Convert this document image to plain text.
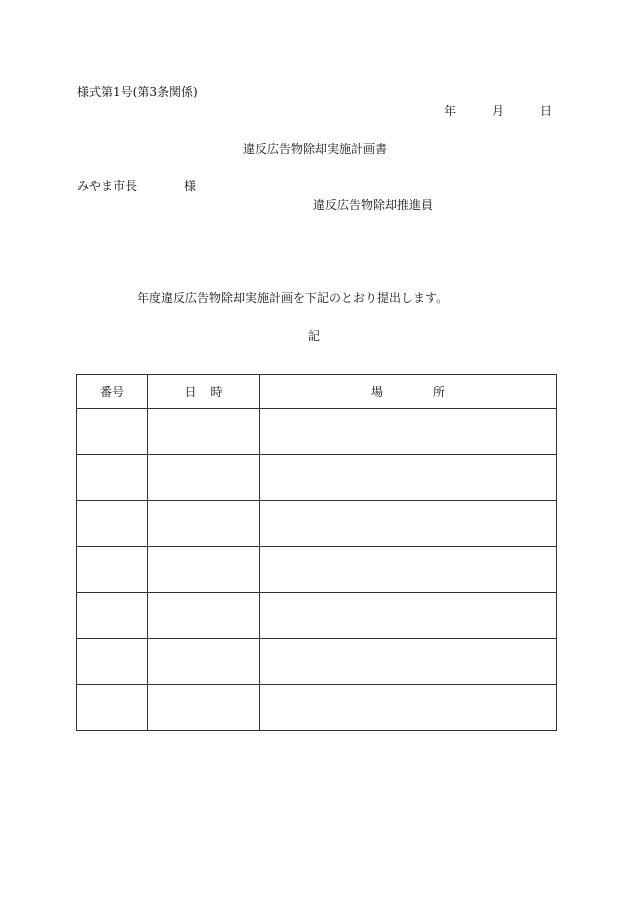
様式第1号(第3条関係)
年	月	日
違反広告物除却実施計画書
みやま市長	様
違反広告物除却推進員
年度違反広告物除却実施計画を下記のとおり提出します。
記
番号	日 時	場 所
